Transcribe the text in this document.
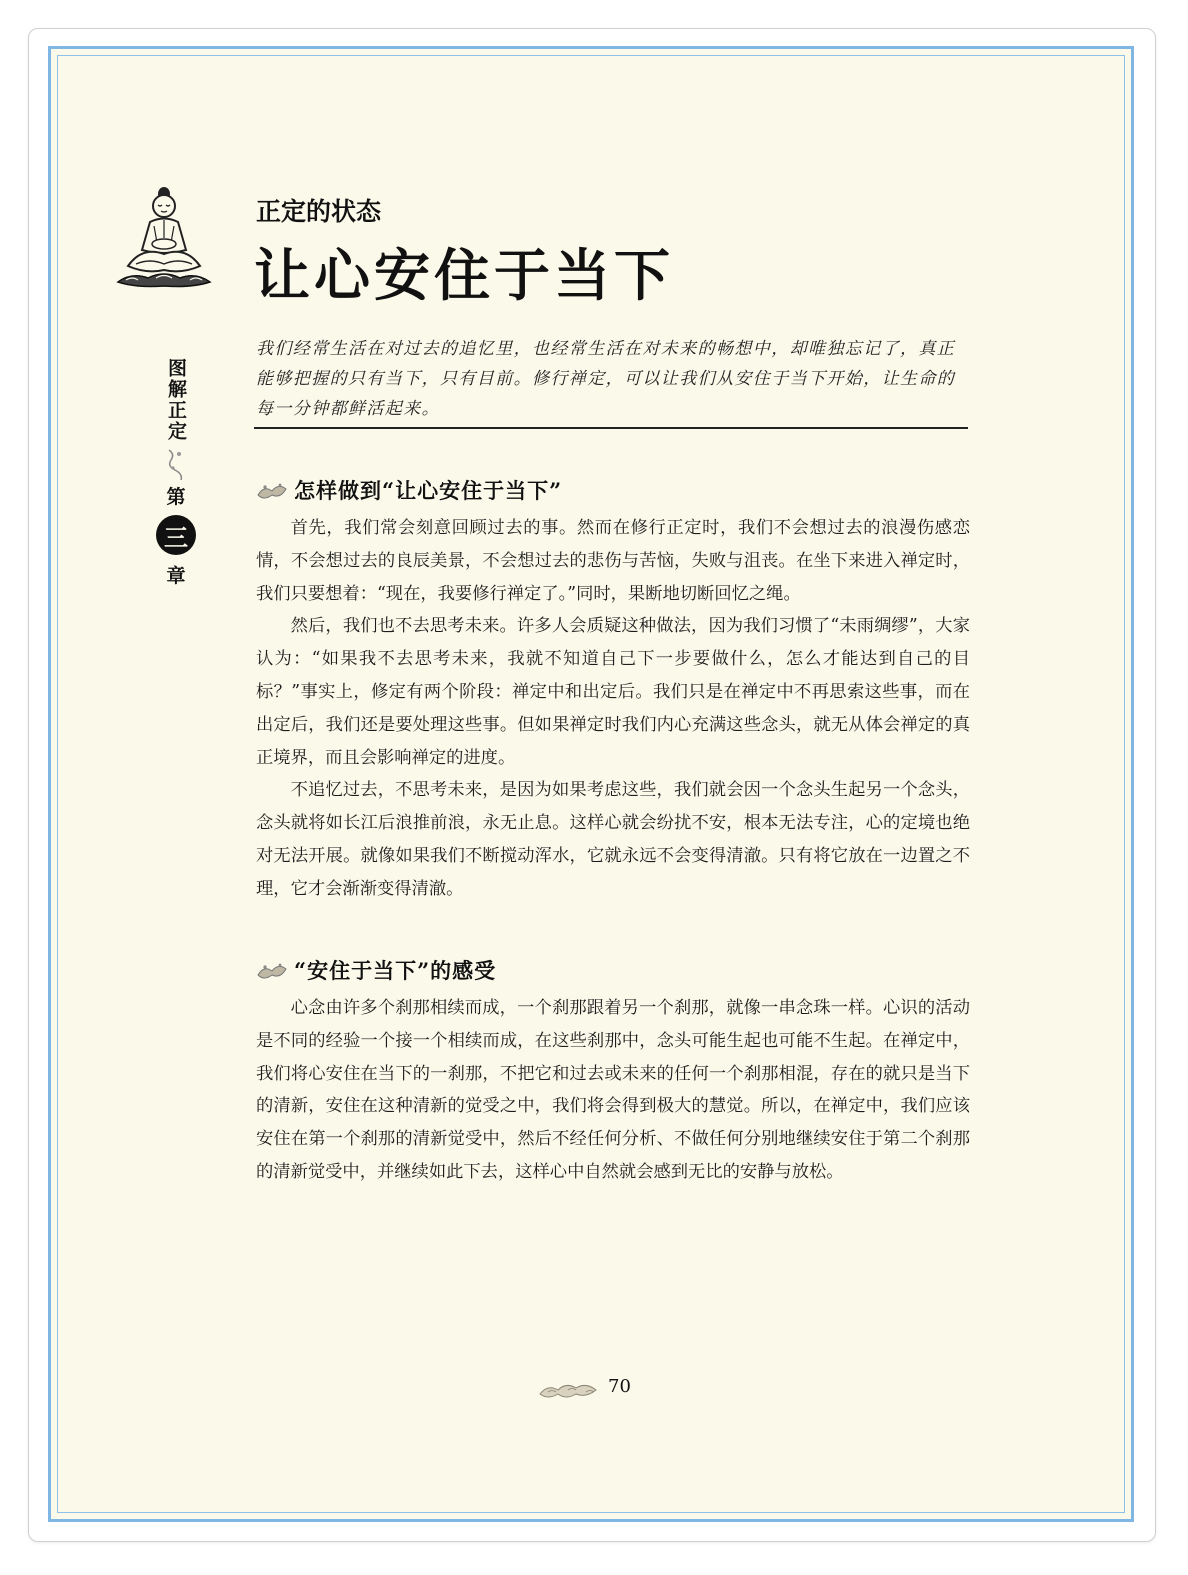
图解正定
第
三
章
正定的状态
让心安住于当下
我们经常生活在对过去的追忆里，也经常生活在对未来的畅想中，却唯独忘记了，真正能够把握的只有当下，只有目前。修行禅定，可以让我们从安住于当下开始，让生命的每一分钟都鲜活起来。
怎样做到“让心安住于当下”

首先，我们常会刻意回顾过去的事。然而在修行正定时，我们不会想过去的浪漫伤感恋情，不会想过去的良辰美景，不会想过去的悲伤与苦恼，失败与沮丧。在坐下来进入禅定时，我们只要想着：“现在，我要修行禅定了。”同时，果断地切断回忆之绳。

然后，我们也不去思考未来。许多人会质疑这种做法，因为我们习惯了“未雨绸缪”，大家认为：“如果我不去思考未来，我就不知道自己下一步要做什么，怎么才能达到自己的目标？”事实上，修定有两个阶段：禅定中和出定后。我们只是在禅定中不再思索这些事，而在出定后，我们还是要处理这些事。但如果禅定时我们内心充满这些念头，就无从体会禅定的真正境界，而且会影响禅定的进度。

不追忆过去，不思考未来，是因为如果考虑这些，我们就会因一个念头生起另一个念头，念头就将如长江后浪推前浪，永无止息。这样心就会纷扰不安，根本无法专注，心的定境也绝对无法开展。就像如果我们不断搅动浑水，它就永远不会变得清澈。只有将它放在一边置之不理，它才会渐渐变得清澈。

“安住于当下”的感受

心念由许多个刹那相续而成，一个刹那跟着另一个刹那，就像一串念珠一样。心识的活动是不同的经验一个接一个相续而成，在这些刹那中，念头可能生起也可能不生起。在禅定中，我们将心安住在当下的一刹那，不把它和过去或未来的任何一个刹那相混，存在的就只是当下的清新，安住在这种清新的觉受之中，我们将会得到极大的慧觉。所以，在禅定中，我们应该安住在第一个刹那的清新觉受中，然后不经任何分析、不做任何分别地继续安住于第二个刹那的清新觉受中，并继续如此下去，这样心中自然就会感到无比的安静与放松。

70
